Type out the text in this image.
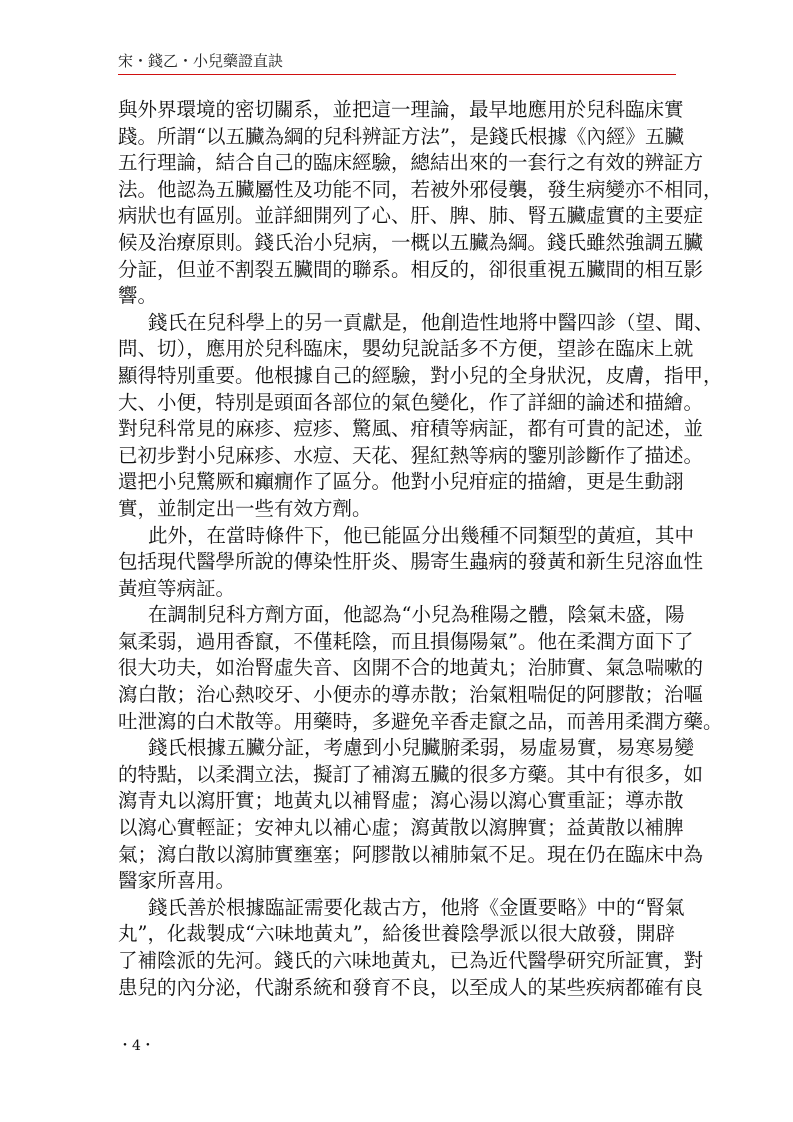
宋・錢乙・小兒藥證直訣
與外界環境的密切關系，並把這一理論，最早地應用於兒科臨床實
踐。所謂“以五臟為綱的兒科辨証方法”，是錢氏根據《內經》五臟
五行理論，結合自己的臨床經驗，總結出來的一套行之有效的辨証方
法。他認為五臟屬性及功能不同，若被外邪侵襲，發生病變亦不相同，
病狀也有區別。並詳細開列了心、肝、脾、肺、腎五臟虛實的主要症
候及治療原則。錢氏治小兒病，一概以五臟為綱。錢氏雖然強調五臟
分証，但並不割裂五臟間的聯系。相反的，卻很重視五臟間的相互影
響。
錢氏在兒科學上的另一貢獻是，他創造性地將中醫四診（望、聞、
問、切），應用於兒科臨床，嬰幼兒說話多不方便，望診在臨床上就
顯得特別重要。他根據自己的經驗，對小兒的全身狀況，皮膚，指甲，
大、小便，特別是頭面各部位的氣色變化，作了詳細的論述和描繪。
對兒科常見的麻疹、痘疹、驚風、疳積等病証，都有可貴的記述，並
已初步對小兒麻疹、水痘、天花、猩紅熱等病的鑒別診斷作了描述。
還把小兒驚厥和癲癇作了區分。他對小兒疳症的描繪，更是生動詡
實，並制定出一些有效方劑。
此外，在當時條件下，他已能區分出幾種不同類型的黃疸，其中
包括現代醫學所說的傳染性肝炎、腸寄生蟲病的發黃和新生兒溶血性
黃疸等病証。
在調制兒科方劑方面，他認為“小兒為稚陽之體，陰氣未盛，陽
氣柔弱，過用香竄，不僅耗陰，而且損傷陽氣”。他在柔潤方面下了
很大功夫，如治腎虛失音、囟開不合的地黃丸；治肺實、氣急喘嗽的
瀉白散；治心熱咬牙、小便赤的導赤散；治氣粗喘促的阿膠散；治嘔
吐泄瀉的白术散等。用藥時，多避免辛香走竄之品，而善用柔潤方藥。
錢氏根據五臟分証，考慮到小兒臟腑柔弱，易虛易實，易寒易變
的特點，以柔潤立法，擬訂了補瀉五臟的很多方藥。其中有很多，如
瀉青丸以瀉肝實；地黃丸以補腎虛；瀉心湯以瀉心實重証；導赤散
以瀉心實輕証；安神丸以補心虛；瀉黃散以瀉脾實；益黃散以補脾
氣；瀉白散以瀉肺實壅塞；阿膠散以補肺氣不足。現在仍在臨床中為
醫家所喜用。
錢氏善於根據臨証需要化裁古方，他將《金匱要略》中的“腎氣
丸”，化裁製成“六味地黃丸”，給後世養陰學派以很大啟發，開辟
了補陰派的先河。錢氏的六味地黃丸，已為近代醫學研究所証實，對
患兒的內分泌，代謝系統和發育不良，以至成人的某些疾病都確有良
・4・
